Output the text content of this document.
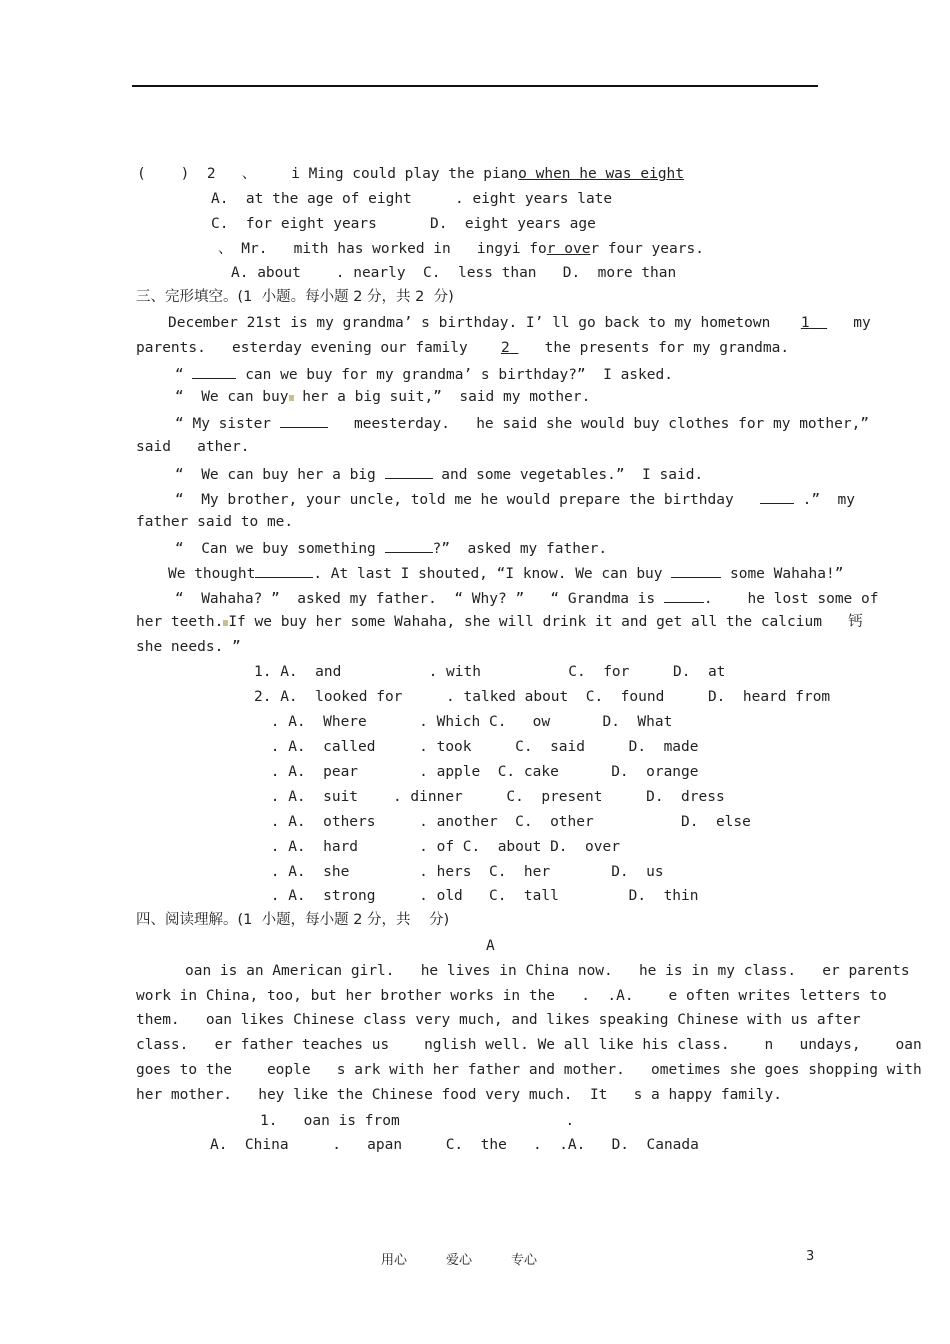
(    )  2   、    i Ming could play the piano when he was eight
A.  at the age of eight	. eight years late
C.  for eight years	D.  eight years age
、 Mr.   mith has worked in   ingyi for over four years.
A. about    . nearly  C.  less than   D.  more than
三、完形填空。(1  小题。每小题 2 分，共 2  分)
December 21st is my grandma’ s birthday. I’ ll go back to my hometown 1	my
parents.   esterday evening our family 2 the presents for my grandma.
“	can we buy for my grandma’ s birthday?”  I asked.
“  We can buy her a big suit,”  said my mother.
“ My sister	meesterday.   he said she would buy clothes for my mother,”
said   ather.
“  We can buy her a big	and some vegetables.”  I said.
“  My brother, your uncle, told me he would prepare the birthday	.”  my
father said to me.
“  Can we buy something	?”  asked my father.
We thought	. At last I shouted, “I know. We can buy	some Wahaha!”
“  Wahaha? ”  asked my father.  “ Why? ”   “ Grandma is	.    he lost some of
her teeth. If we buy her some Wahaha, she will drink it and get all the calcium   钙
she needs. ”
1. A.  and          . with          C.  for     D.  at
2. A.  looked for     . talked about  C.  found     D.  heard from
. A.  Where      . Which C.   ow      D.  What
. A.  called     . took     C.  said     D.  made
. A.  pear       . apple  C. cake      D.  orange
. A.  suit    . dinner     C.  present     D.  dress
. A.  others     . another  C.  other          D.  else
. A.  hard       . of C.  about D.  over
. A.  she        . hers  C.  her       D.  us
. A.  strong     . old   C.  tall        D.  thin
四、阅读理解。(1  小题，每小题 2 分，共    分)
A
oan is an American girl.   he lives in China now.   he is in my class.   er parents
work in China, too, but her brother works in the   .  .A.    e often writes letters to
them.   oan likes Chinese class very much, and likes speaking Chinese with us after
class.   er father teaches us    nglish well. We all like his class.    n   undays,    oan
goes to the    eople   s ark with her father and mother.   ometimes she goes shopping with
her mother.   hey like the Chinese food very much.  It   s a happy family.
1.   oan is from                   .
A.  China     .   apan     C.  the   .  .A.   D.  Canada
用心	爱心	专心	3
